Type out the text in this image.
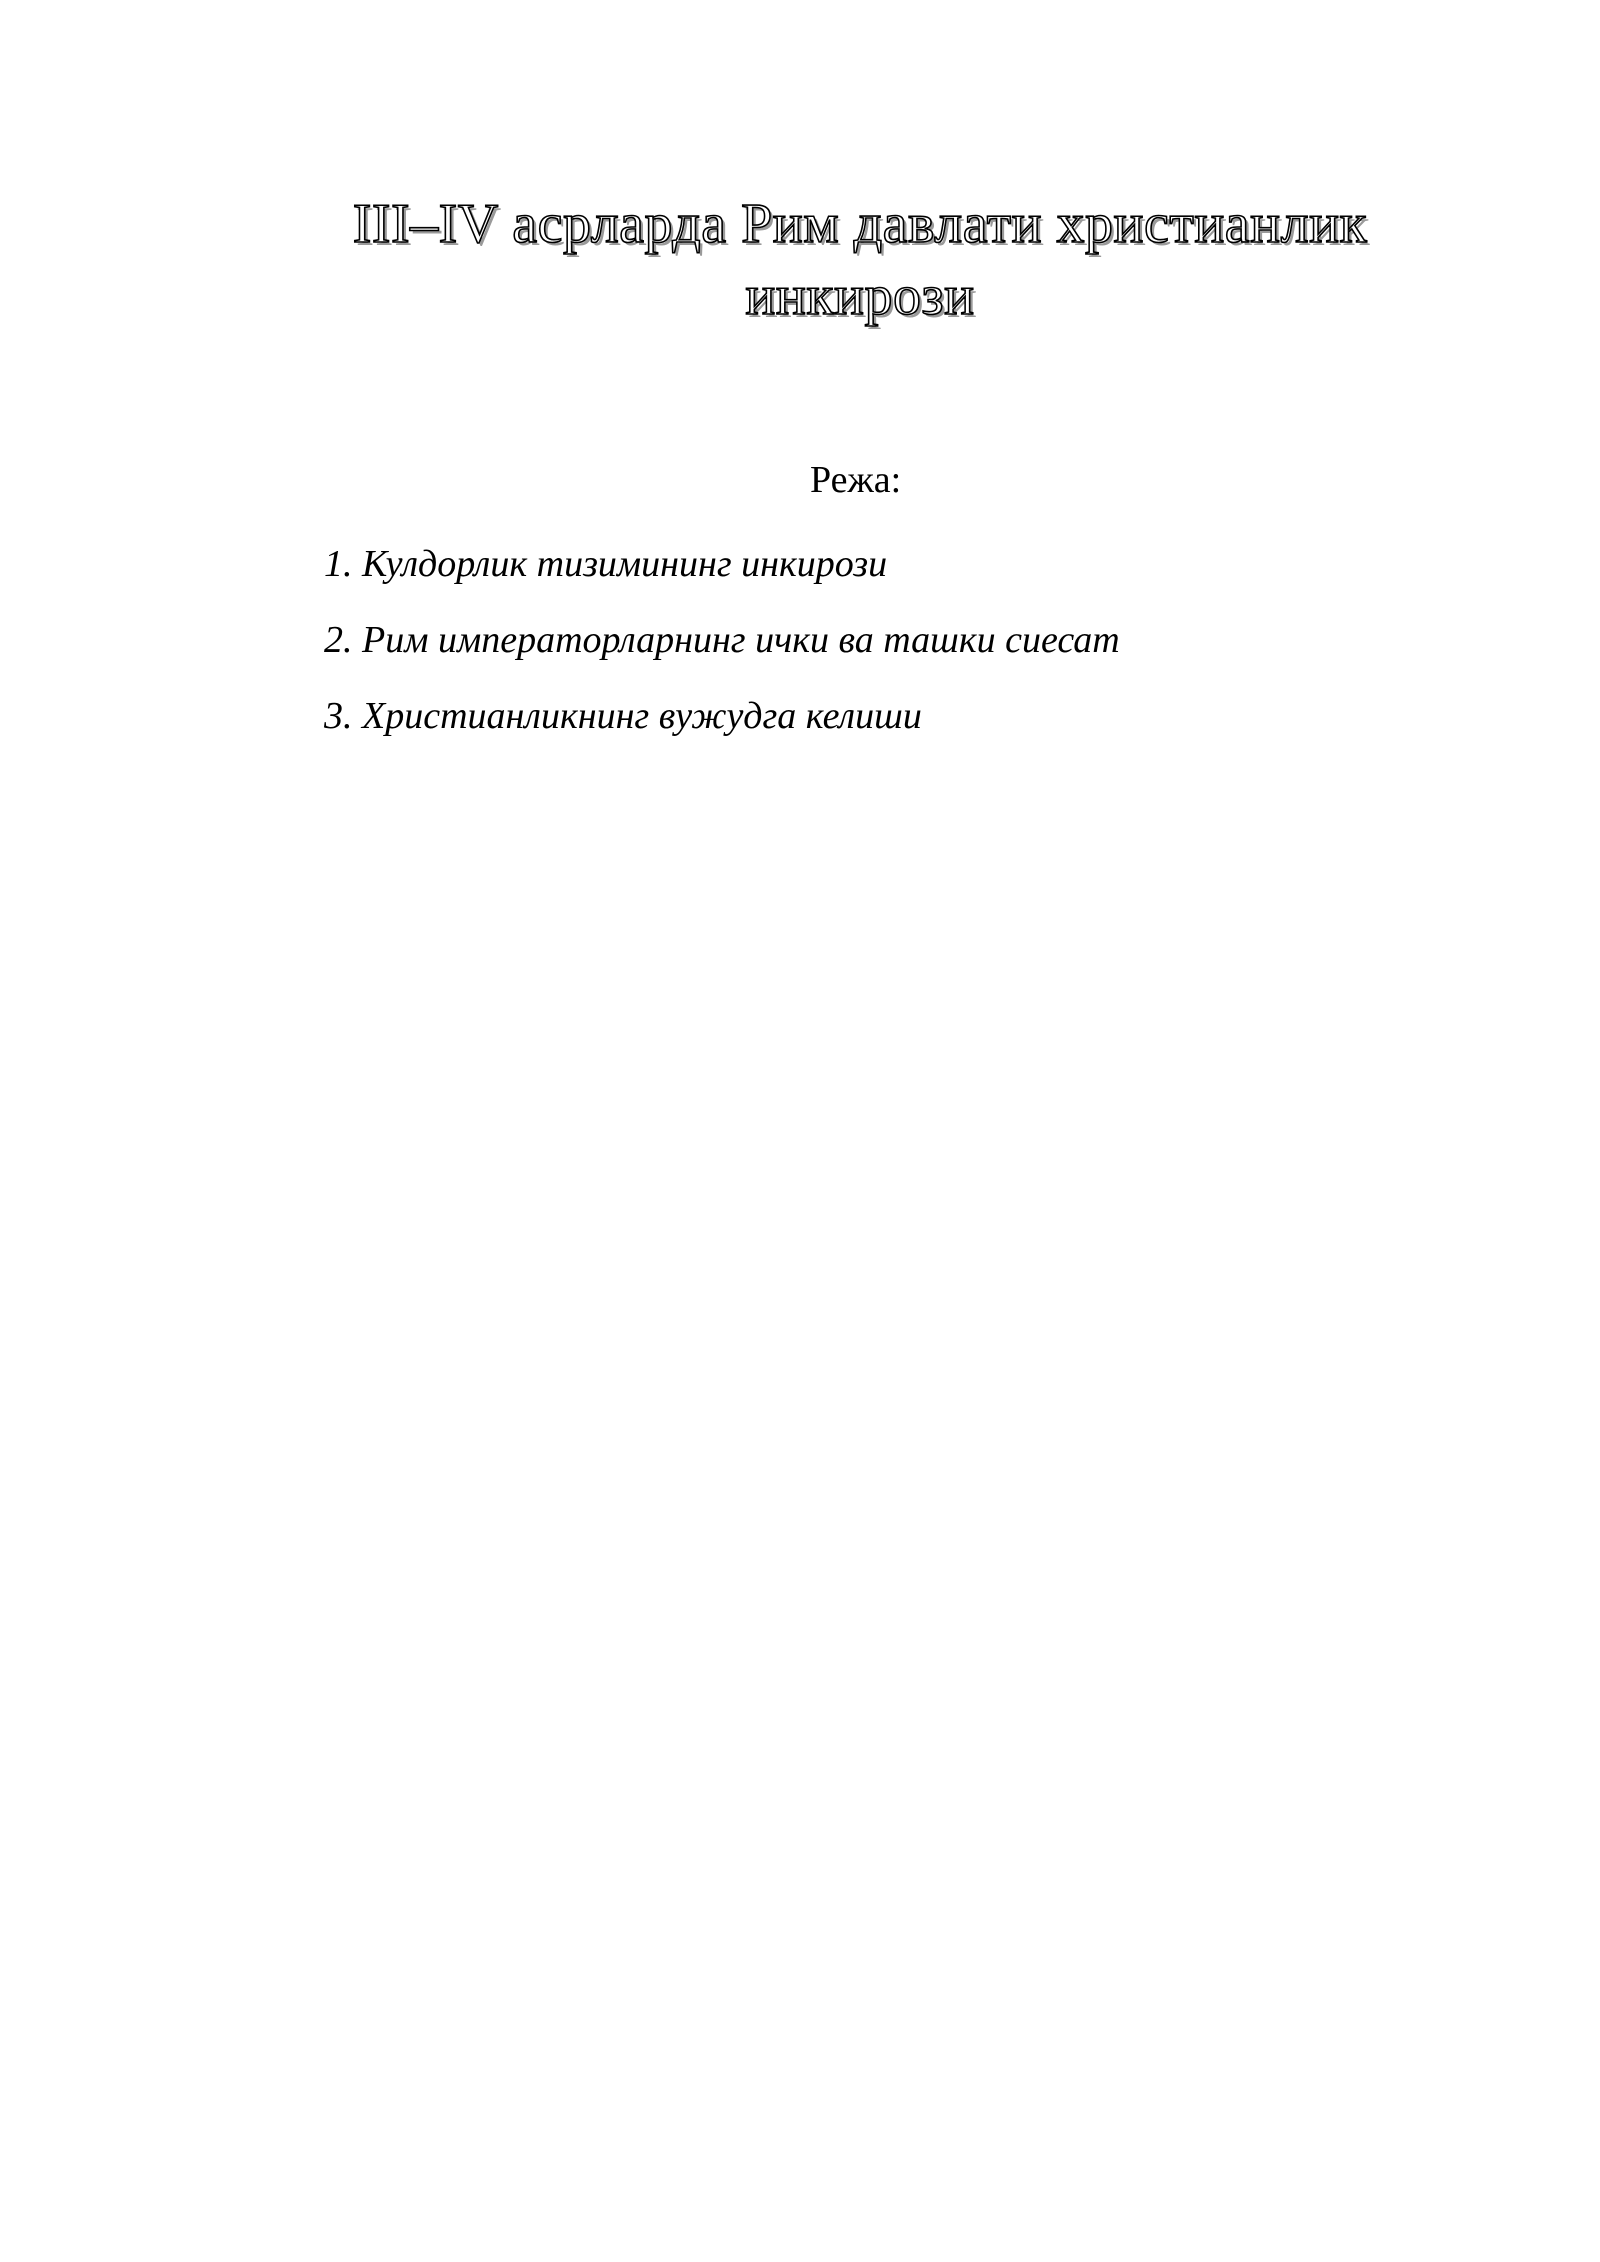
III–IV асрларда Рим давлати христианлик
инкирози
Режа:
1. Кулдорлик тизимининг инкирози
2. Рим императорларнинг ички ва ташки сиесат
3. Христианликнинг вужудга келиши
